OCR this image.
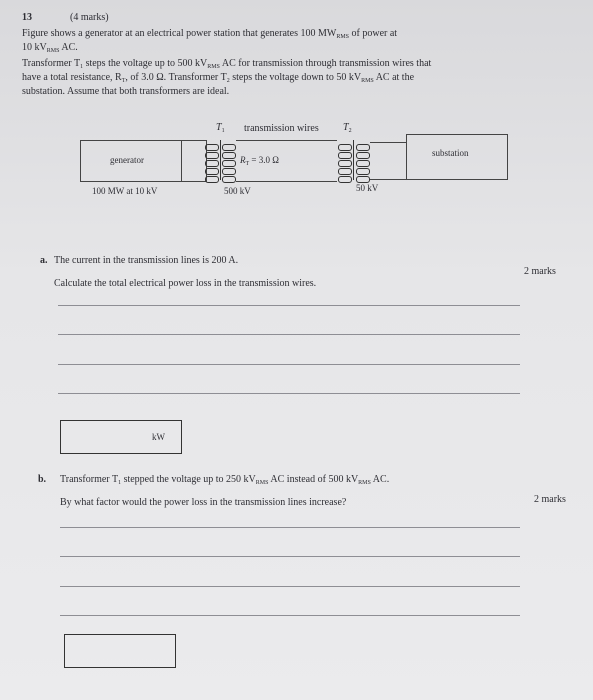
13	(4 marks)
Figure shows a generator at an electrical power station that generates 100 $MW_{RMS}$ of power at
10 $kV_{RMS}$ AC.
Transformer $T_1$ steps the voltage up to 500 $kV_{RMS}$ AC for transmission through transmission wires that
have a total resistance, $R_T$, of 3.0 Ω. Transformer $T_2$ steps the voltage down to 50 $kV_{RMS}$ AC at the
substation. Assume that both transformers are ideal.
$T_1$ transmission wires $T_2$
generator	$R_T = 3.0$ Ω
substation
100 MW at 10 kV	500 kV	50 kV
a. The current in the transmission lines is 200 A.
Calculate the total electrical power loss in the transmission wires.
2 marks
kW
b. Transformer $T_1$ stepped the voltage up to 250 $kV_{RMS}$ AC instead of 500 $kV_{RMS}$ AC.
By what factor would the power loss in the transmission lines increase?	2 marks
